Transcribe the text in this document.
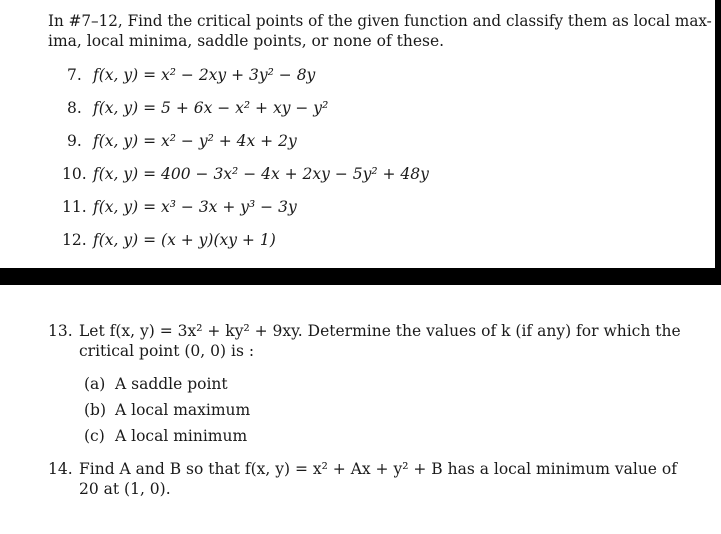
In #7–12, Find the critical points of the given function and classify them as local max-

ima, local minima, saddle points, or none of these.

7. f(x, y) = x² − 2xy + 3y² − 8y

8. f(x, y) = 5 + 6x − x² + xy − y²

9. f(x, y) = x² − y² + 4x + 2y

10. f(x, y) = 400 − 3x² − 4x + 2xy − 5y² + 48y

11. f(x, y) = x³ − 3x + y³ − 3y

12. f(x, y) = (x + y)(xy + 1)

13. Let f(x, y) = 3x² + ky² + 9xy. Determine the values of k (if any) for which the

critical point (0, 0) is :

(a) A saddle point

(b) A local maximum

(c) A local minimum

14. Find A and B so that f(x, y) = x² + Ax + y² + B has a local minimum value of

20 at (1, 0).
